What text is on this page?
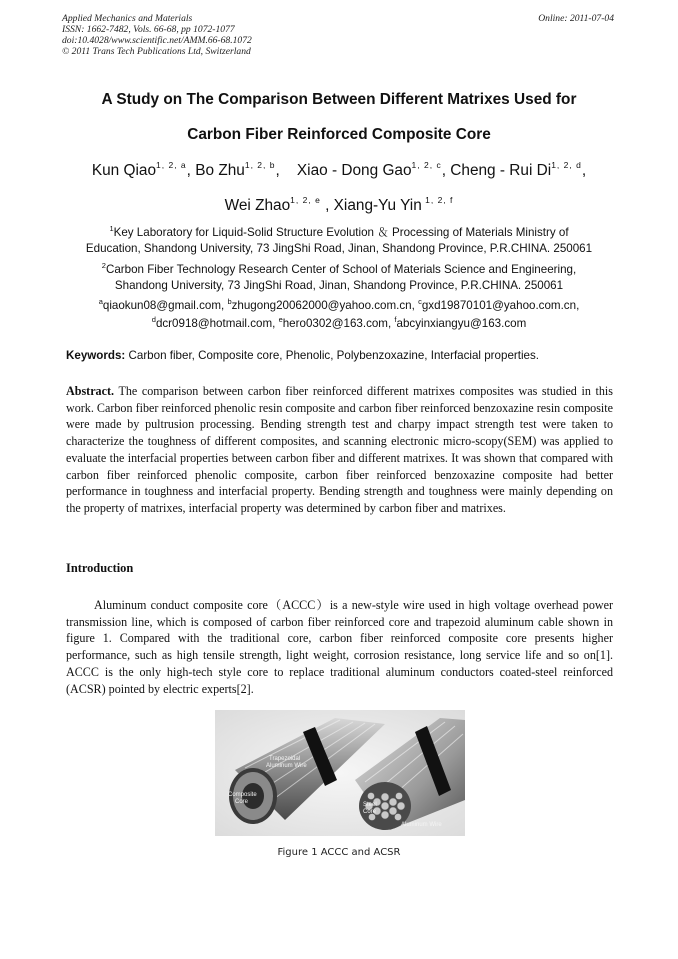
Applied Mechanics and Materials
ISSN: 1662-7482, Vols. 66-68, pp 1072-1077
doi:10.4028/www.scientific.net/AMM.66-68.1072
© 2011 Trans Tech Publications Ltd, Switzerland
Online: 2011-07-04
A Study on The Comparison Between Different Matrixes Used for
Carbon Fiber Reinforced Composite Core
Kun Qiao$^{1, 2, a}$, Bo Zhu$^{1, 2, b}$,    Xiao - Dong Gao$^{1, 2, c}$, Cheng - Rui Di$^{1, 2, d}$,
Wei Zhao$^{1, 2, e}$ , Xiang-Yu Yin $^{1, 2, f}$
$^1$Key Laboratory for Liquid-Solid Structure Evolution ＆ Processing of Materials Ministry of
Education, Shandong University, 73 JingShi Road, Jinan, Shandong Province, P.R.CHINA. 250061
$^2$Carbon Fiber Technology Research Center of School of Materials Science and Engineering,
Shandong University, 73 JingShi Road, Jinan, Shandong Province, P.R.CHINA. 250061
$^a$qiaokun08@gmail.com, $^b$zhugong20062000@yahoo.com.cn, $^c$gxd19870101@yahoo.com.cn,
$^d$dcr0918@hotmail.com, $^e$hero0302@163.com, $^f$abcyinxiangyu@163.com
Keywords: Carbon fiber, Composite core, Phenolic, Polybenzoxazine, Interfacial properties.
Abstract. The comparison between carbon fiber reinforced different matrixes composites was studied in this work. Carbon fiber reinforced phenolic resin composite and carbon fiber reinforced benzoxazine resin composite were made by pultrusion processing. Bending strength test and charpy impact strength test were taken to characterize the toughness of different composites, and scanning electronic micro-scopy(SEM) was applied to evaluate the interfacial properties between carbon fiber and different matrixes. It was shown that compared with carbon fiber reinforced phenolic composite, carbon fiber reinforced benzoxazine composite had better performance in toughness and interfacial property. Bending strength and toughness were mainly depending on the property of matrixes, interfacial property was determined by carbon fiber and matrixes.
Introduction
Aluminum conduct composite core（ACCC）is a new-style wire used in high voltage overhead power transmission line, which is composed of carbon fiber reinforced core and trapezoid aluminum cable shown in figure 1. Compared with the traditional core, carbon fiber reinforced composite core presents higher performance, such as high tensile strength, light weight, corrosion resistance, long service life and so on[1]. ACCC is the only high-tech style core to replace traditional aluminum conductors coated-steel reinforced (ACSR) pointed by electric experts[2].
Trapezoidal
Aluminum Wire
Composite
Core	Steel
Core
Aluminum Wire
Figure 1 ACCC and ACSR
